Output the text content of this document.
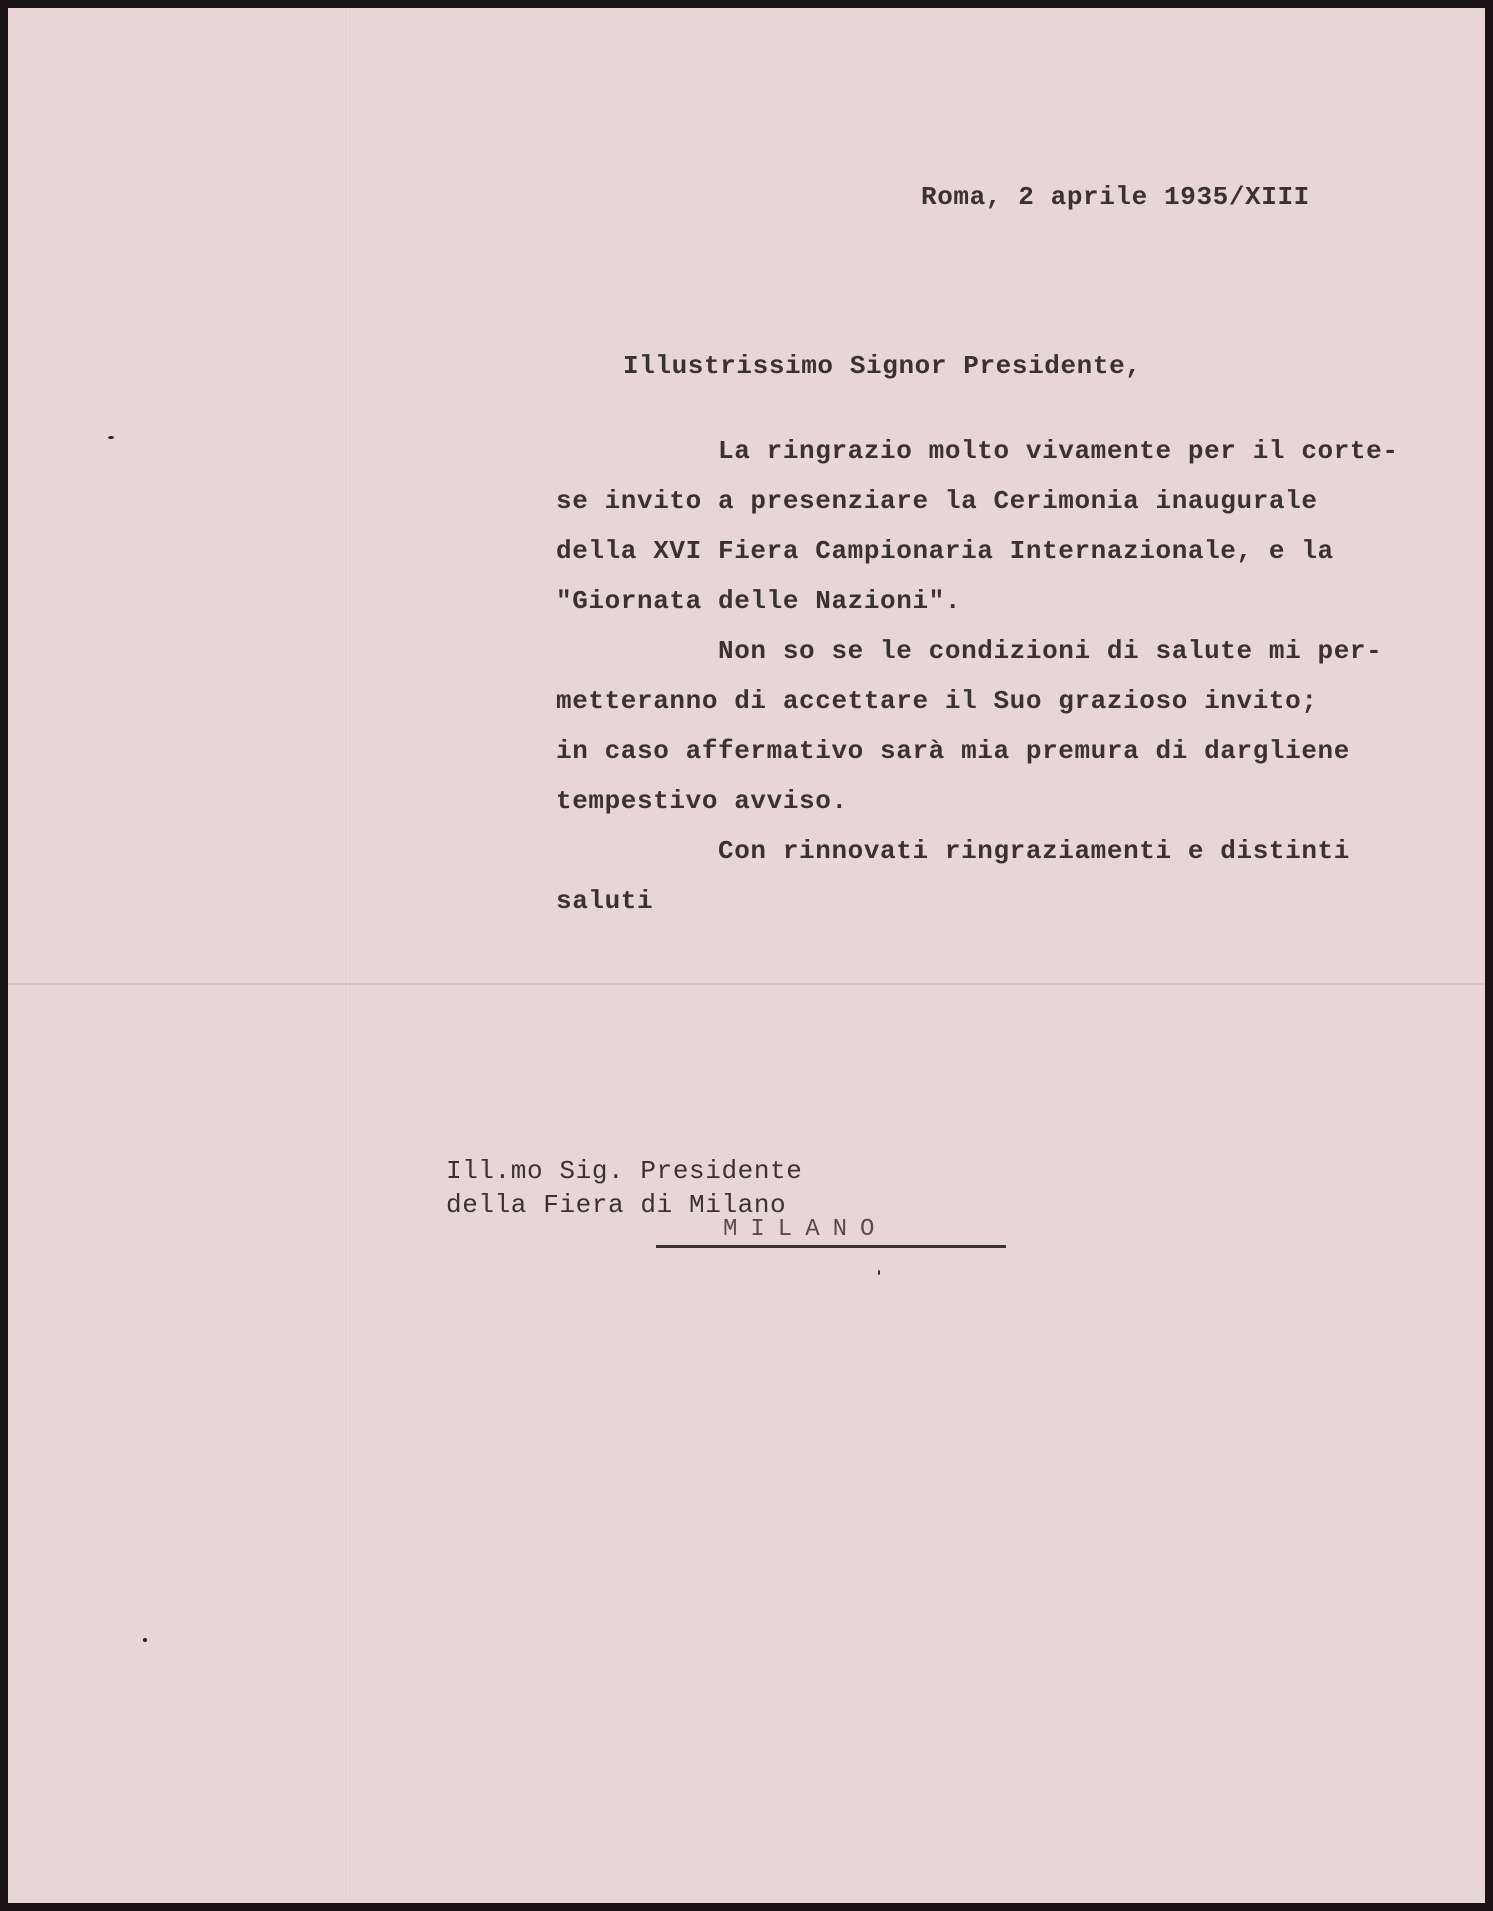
Roma, 2 aprile 1935/XIII
Illustrissimo Signor Presidente,
La ringrazio molto vivamente per il corte-
se invito a presenziare la Cerimonia inaugurale
della XVI Fiera Campionaria Internazionale, e la
"Giornata delle Nazioni".
Non so se le condizioni di salute mi per-
metteranno di accettare il Suo grazioso invito;
in caso affermativo sarà mia premura di dargliene
tempestivo avviso.
Con rinnovati ringraziamenti e distinti
saluti
Ill.mo Sig. Presidente
della Fiera di Milano
MILANO
